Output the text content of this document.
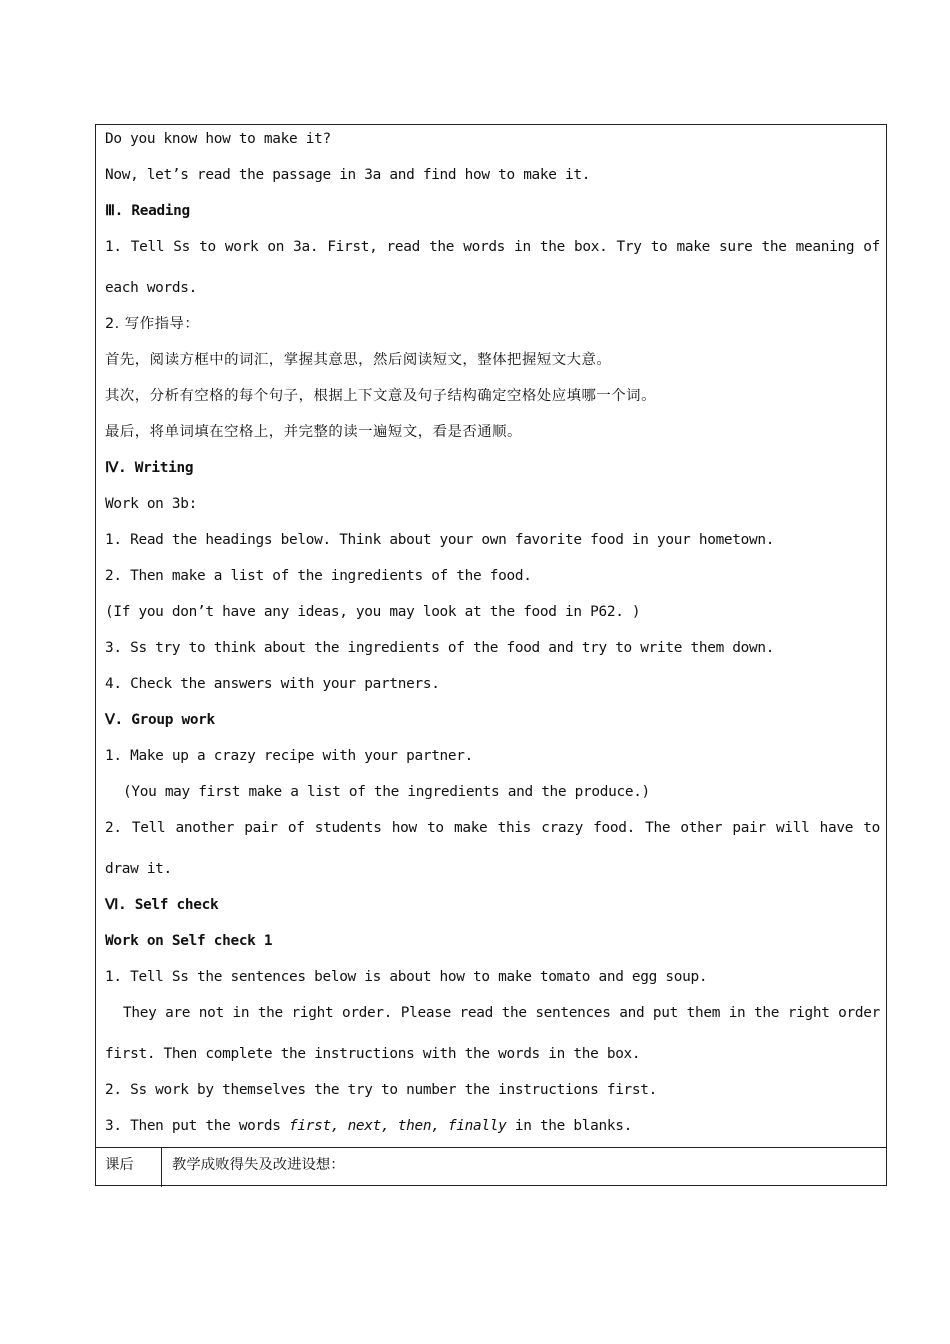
Do you know how to make it?
Now, let’s read the passage in 3a and find how to make it.
Ⅲ. Reading
1. Tell Ss to work on 3a. First, read the words in the box. Try to make sure the meaning of
each words.
2. 写作指导：
首先，阅读方框中的词汇，掌握其意思，然后阅读短文，整体把握短文大意。
其次，分析有空格的每个句子，根据上下文意及句子结构确定空格处应填哪一个词。
最后，将单词填在空格上，并完整的读一遍短文，看是否通顺。
Ⅳ. Writing
Work on 3b:
1. Read the headings below. Think about your own favorite food in your hometown.
2. Then make a list of the ingredients of the food.
(If you don’t have any ideas, you may look at the food in P62. )
3. Ss try to think about the ingredients of the food and try to write them down.
4. Check the answers with your partners.
Ⅴ. Group work
1. Make up a crazy recipe with your partner.
(You may first make a list of the ingredients and the produce.)
2. Tell another pair of students how to make this crazy food. The other pair will have to
draw it.
Ⅵ. Self check
Work on Self check 1
1. Tell Ss the sentences below is about how to make tomato and egg soup.
They are not in the right order. Please read the sentences and put them in the right order
first. Then complete the instructions with the words in the box.
2. Ss work by themselves the try to number the instructions first.
3. Then put the words first, next, then, finally in the blanks.
课后	教学成败得失及改进设想：
